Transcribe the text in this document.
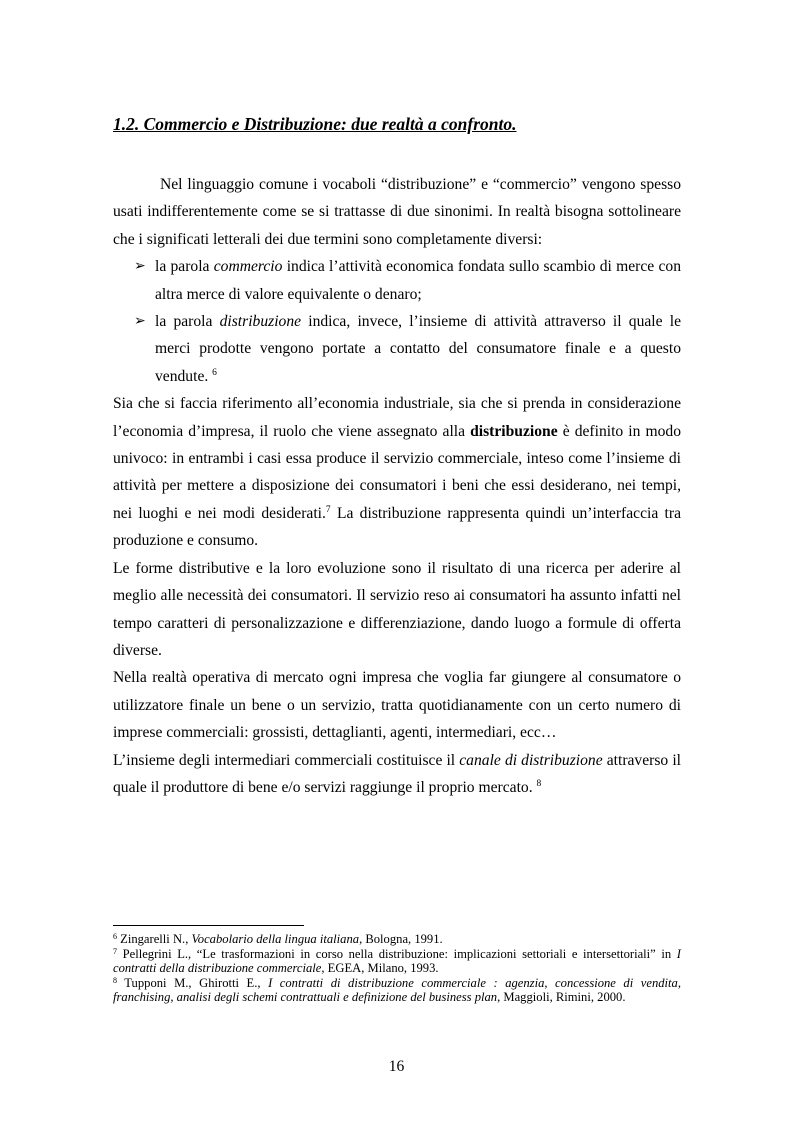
1.2. Commercio e Distribuzione: due realtà a confronto.

Nel linguaggio comune i vocaboli “distribuzione” e “commercio” vengono spesso usati indifferentemente come se si trattasse di due sinonimi. In realtà bisogna sottolineare che i significati letterali dei due termini sono completamente diversi:

➢ la parola commercio indica l’attività economica fondata sullo scambio di merce con altra merce di valore equivalente o denaro;
➢ la parola distribuzione indica, invece, l’insieme di attività attraverso il quale le merci prodotte vengono portate a contatto del consumatore finale e a questo vendute. $^6$

Sia che si faccia riferimento all’economia industriale, sia che si prenda in considerazione l’economia d’impresa, il ruolo che viene assegnato alla distribuzione è definito in modo univoco: in entrambi i casi essa produce il servizio commerciale, inteso come l’insieme di attività per mettere a disposizione dei consumatori i beni che essi desiderano, nei tempi, nei luoghi e nei modi desiderati.$^7$ La distribuzione rappresenta quindi un’interfaccia tra produzione e consumo.

Le forme distributive e la loro evoluzione sono il risultato di una ricerca per aderire al meglio alle necessità dei consumatori. Il servizio reso ai consumatori ha assunto infatti nel tempo caratteri di personalizzazione e differenziazione, dando luogo a formule di offerta diverse.

Nella realtà operativa di mercato ogni impresa che voglia far giungere al consumatore o utilizzatore finale un bene o un servizio, tratta quotidianamente con un certo numero di imprese commerciali: grossisti, dettaglianti, agenti, intermediari, ecc…

L’insieme degli intermediari commerciali costituisce il canale di distribuzione attraverso il quale il produttore di bene e/o servizi raggiunge il proprio mercato. $^8$

$^6$ Zingarelli N., Vocabolario della lingua italiana, Bologna, 1991.

$^7$ Pellegrini L., “Le trasformazioni in corso nella distribuzione: implicazioni settoriali e intersettoriali” in I contratti della distribuzione commerciale, EGEA, Milano, 1993.

$^8$ Tupponi M., Ghirotti E., I contratti di distribuzione commerciale : agenzia, concessione di vendita, franchising, analisi degli schemi contrattuali e definizione del business plan, Maggioli, Rimini, 2000.

16
